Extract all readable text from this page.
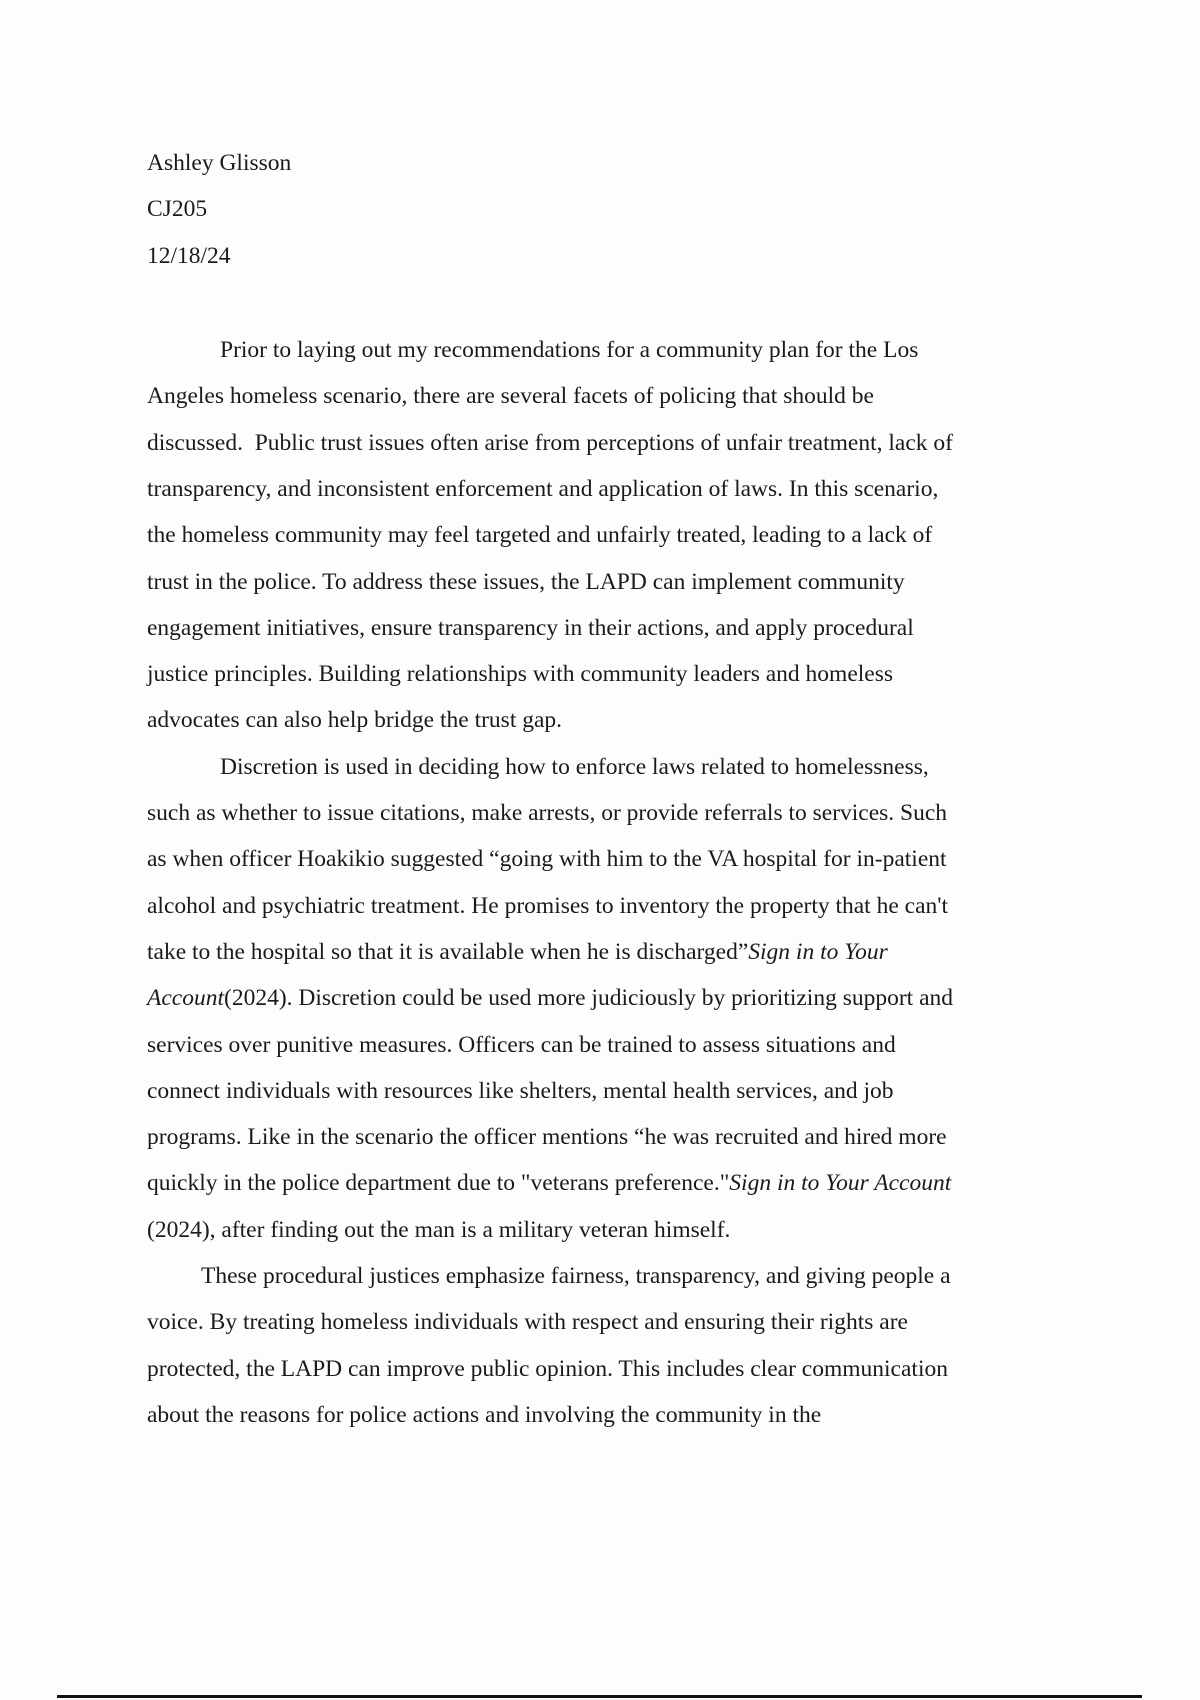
Ashley Glisson
CJ205
12/18/24
Prior to laying out my recommendations for a community plan for the Los
Angeles homeless scenario, there are several facets of policing that should be
discussed.  Public trust issues often arise from perceptions of unfair treatment, lack of
transparency, and inconsistent enforcement and application of laws. In this scenario,
the homeless community may feel targeted and unfairly treated, leading to a lack of
trust in the police. To address these issues, the LAPD can implement community
engagement initiatives, ensure transparency in their actions, and apply procedural
justice principles. Building relationships with community leaders and homeless
advocates can also help bridge the trust gap.
Discretion is used in deciding how to enforce laws related to homelessness,
such as whether to issue citations, make arrests, or provide referrals to services. Such
as when officer Hoakikio suggested “going with him to the VA hospital for in-patient
alcohol and psychiatric treatment. He promises to inventory the property that he can't
take to the hospital so that it is available when he is discharged”Sign in to Your
Account(2024). Discretion could be used more judiciously by prioritizing support and
services over punitive measures. Officers can be trained to assess situations and
connect individuals with resources like shelters, mental health services, and job
programs. Like in the scenario the officer mentions “he was recruited and hired more
quickly in the police department due to "veterans preference."Sign in to Your Account
(2024), after finding out the man is a military veteran himself.
These procedural justices emphasize fairness, transparency, and giving people a
voice. By treating homeless individuals with respect and ensuring their rights are
protected, the LAPD can improve public opinion. This includes clear communication
about the reasons for police actions and involving the community in the
